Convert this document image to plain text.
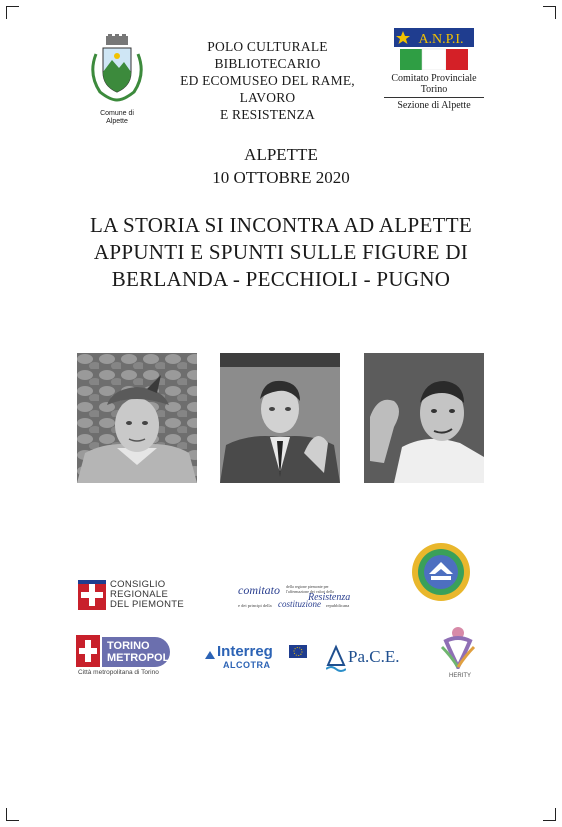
Comune di
Alpette
POLO CULTURALE BIBLIOTECARIO
ED ECOMUSEO DEL RAME, LAVORO
E RESISTENZA
A.N.P.I.
Comitato Provinciale Torino
Sezione di Alpette
ALPETTE
10 OTTOBRE 2020
LA STORIA SI INCONTRA AD ALPETTE
APPUNTI E SPUNTI SULLE FIGURE DI
BERLANDA - PECCHIOLI - PUGNO
CONSIGLIO
REGIONALE
DEL PIEMONTE
comitato della regione piemonte per l'affermazione dei valori della
Resistenza
e dei principi della costituzione repubblicana
TORINO
METROPOLI
Città metropolitana di Torino
Interreg
ALCOTRA	Pa.C.E.
HERITY
